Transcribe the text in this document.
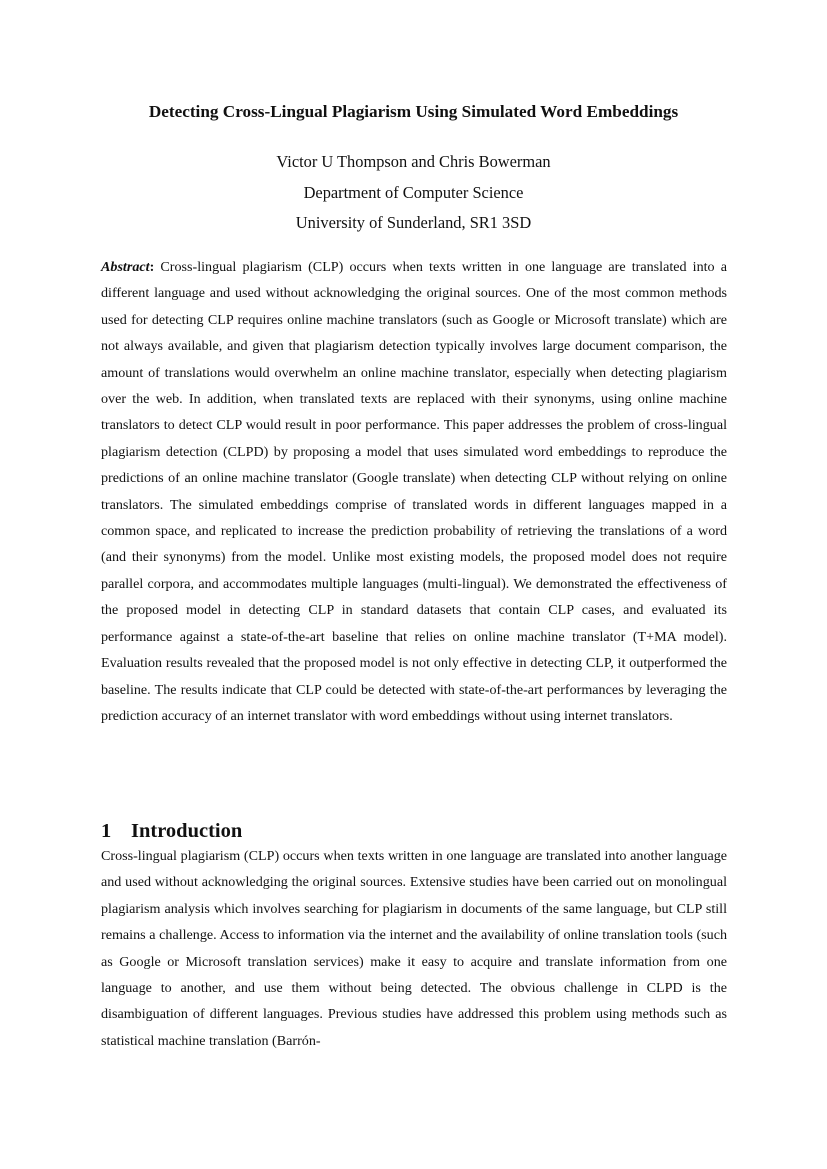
Detecting Cross-Lingual Plagiarism Using Simulated Word Embeddings
Victor U Thompson and Chris Bowerman
Department of Computer Science
University of Sunderland, SR1 3SD

Abstract: Cross-lingual plagiarism (CLP) occurs when texts written in one language are translated into a different language and used without acknowledging the original sources. One of the most common methods used for detecting CLP requires online machine translators (such as Google or Microsoft translate) which are not always available, and given that plagiarism detection typically involves large document comparison, the amount of translations would overwhelm an online machine translator, especially when detecting plagiarism over the web. In addition, when translated texts are replaced with their synonyms, using online machine translators to detect CLP would result in poor performance. This paper addresses the problem of cross-lingual plagiarism detection (CLPD) by proposing a model that uses simulated word embeddings to reproduce the predictions of an online machine translator (Google translate) when detecting CLP without relying on online translators. The simulated embeddings comprise of translated words in different languages mapped in a common space, and replicated to increase the prediction probability of retrieving the translations of a word (and their synonyms) from the model. Unlike most existing models, the proposed model does not require parallel corpora, and accommodates multiple languages (multi-lingual). We demonstrated the effectiveness of the proposed model in detecting CLP in standard datasets that contain CLP cases, and evaluated its performance against a state-of-the-art baseline that relies on online machine translator (T+MA model). Evaluation results revealed that the proposed model is not only effective in detecting CLP, it outperformed the baseline. The results indicate that CLP could be detected with state-of-the-art performances by leveraging the prediction accuracy of an internet translator with word embeddings without using internet translators.

1 Introduction

Cross-lingual plagiarism (CLP) occurs when texts written in one language are translated into another language and used without acknowledging the original sources. Extensive studies have been carried out on monolingual plagiarism analysis which involves searching for plagiarism in documents of the same language, but CLP still remains a challenge. Access to information via the internet and the availability of online translation tools (such as Google or Microsoft translation services) make it easy to acquire and translate information from one language to another, and use them without being detected. The obvious challenge in CLPD is the disambiguation of different languages. Previous studies have addressed this problem using methods such as statistical machine translation (Barrón-
